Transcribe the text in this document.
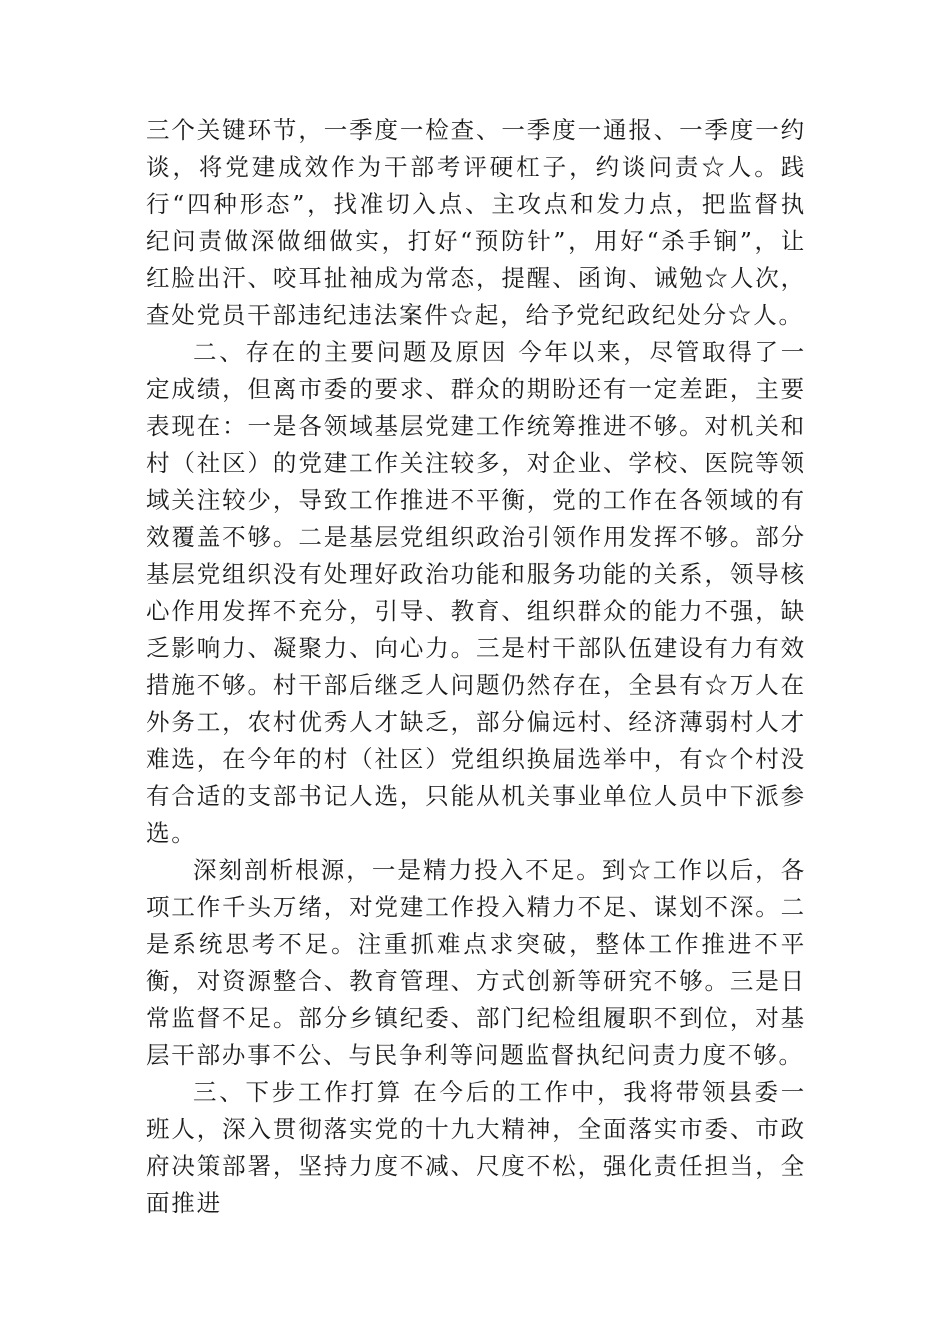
三个关键环节，一季度一检查、一季度一通报、一季度一约谈，将党建成效作为干部考评硬杠子，约谈问责☆人。践行“四种形态”，找准切入点、主攻点和发力点，把监督执纪问责做深做细做实，打好“预防针”，用好“杀手锏”，让红脸出汗、咬耳扯袖成为常态，提醒、函询、诫勉☆人次，查处党员干部违纪违法案件☆起，给予党纪政纪处分☆人。

二、存在的主要问题及原因 今年以来，尽管取得了一定成绩，但离市委的要求、群众的期盼还有一定差距，主要表现在：一是各领域基层党建工作统筹推进不够。对机关和村（社区）的党建工作关注较多，对企业、学校、医院等领域关注较少，导致工作推进不平衡，党的工作在各领域的有效覆盖不够。二是基层党组织政治引领作用发挥不够。部分基层党组织没有处理好政治功能和服务功能的关系，领导核心作用发挥不充分，引导、教育、组织群众的能力不强，缺乏影响力、凝聚力、向心力。三是村干部队伍建设有力有效措施不够。村干部后继乏人问题仍然存在，全县有☆万人在外务工，农村优秀人才缺乏，部分偏远村、经济薄弱村人才难选，在今年的村（社区）党组织换届选举中，有☆个村没有合适的支部书记人选，只能从机关事业单位人员中下派参选。

深刻剖析根源，一是精力投入不足。到☆工作以后，各项工作千头万绪，对党建工作投入精力不足、谋划不深。二是系统思考不足。注重抓难点求突破，整体工作推进不平衡，对资源整合、教育管理、方式创新等研究不够。三是日常监督不足。部分乡镇纪委、部门纪检组履职不到位，对基层干部办事不公、与民争利等问题监督执纪问责力度不够。

三、下步工作打算 在今后的工作中，我将带领县委一班人，深入贯彻落实党的十九大精神，全面落实市委、市政府决策部署，坚持力度不减、尺度不松，强化责任担当，全面推进
